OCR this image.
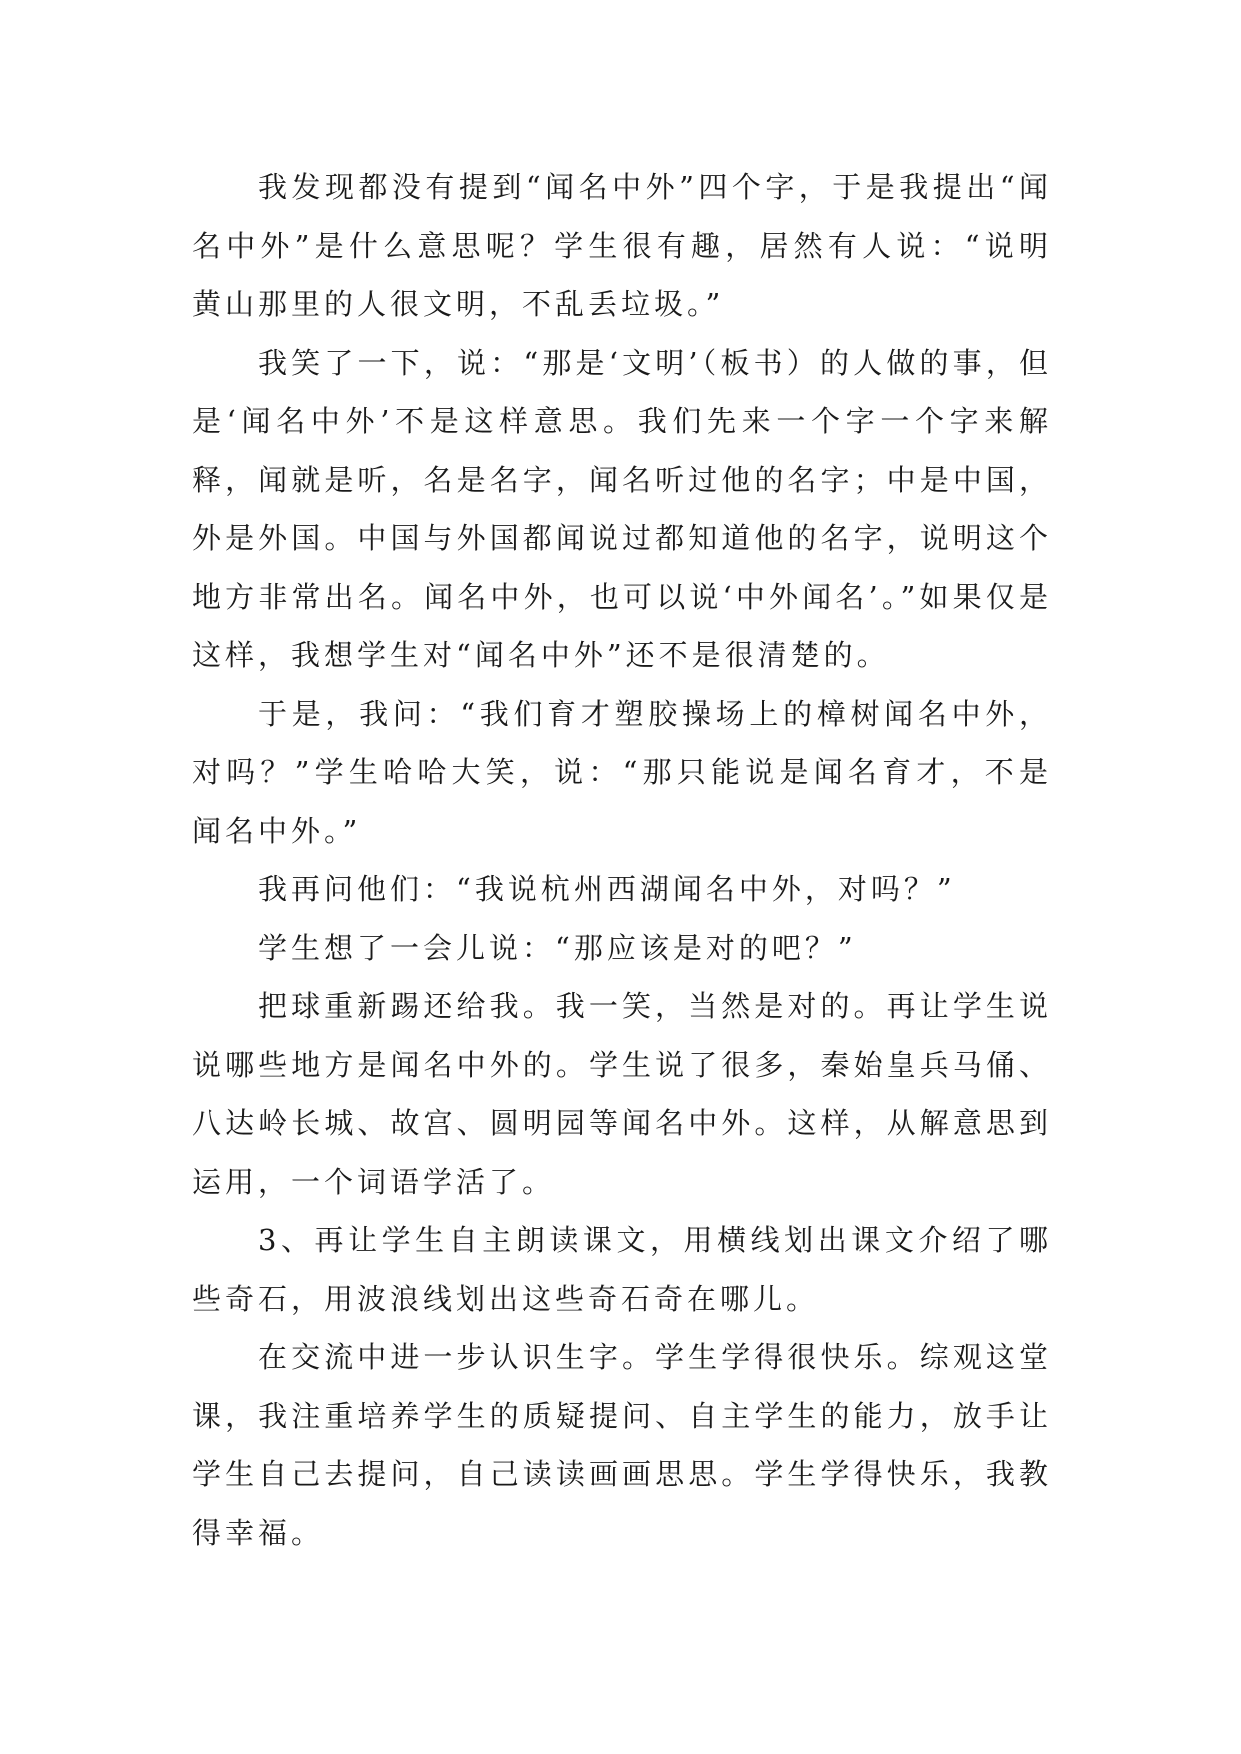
我发现都没有提到“闻名中外”四个字，于是我提出“闻名中外”是什么意思呢？学生很有趣，居然有人说：“说明黄山那里的人很文明，不乱丢垃圾。”

我笑了一下，说：“那是‘文明’（板书）的人做的事，但是‘闻名中外’不是这样意思。我们先来一个字一个字来解释，闻就是听，名是名字，闻名听过他的名字；中是中国，外是外国。中国与外国都闻说过都知道他的名字，说明这个地方非常出名。闻名中外，也可以说‘中外闻名’。”如果仅是这样，我想学生对“闻名中外”还不是很清楚的。

于是，我问：“我们育才塑胶操场上的樟树闻名中外，对吗？”学生哈哈大笑，说：“那只能说是闻名育才，不是闻名中外。”

我再问他们：“我说杭州西湖闻名中外，对吗？”

学生想了一会儿说：“那应该是对的吧？”

把球重新踢还给我。我一笑，当然是对的。再让学生说说哪些地方是闻名中外的。学生说了很多，秦始皇兵马俑、八达岭长城、故宫、圆明园等闻名中外。这样，从解意思到运用，一个词语学活了。

3、再让学生自主朗读课文，用横线划出课文介绍了哪些奇石，用波浪线划出这些奇石奇在哪儿。

在交流中进一步认识生字。学生学得很快乐。综观这堂课，我注重培养学生的质疑提问、自主学生的能力，放手让学生自己去提问，自己读读画画思思。学生学得快乐，我教得幸福。
